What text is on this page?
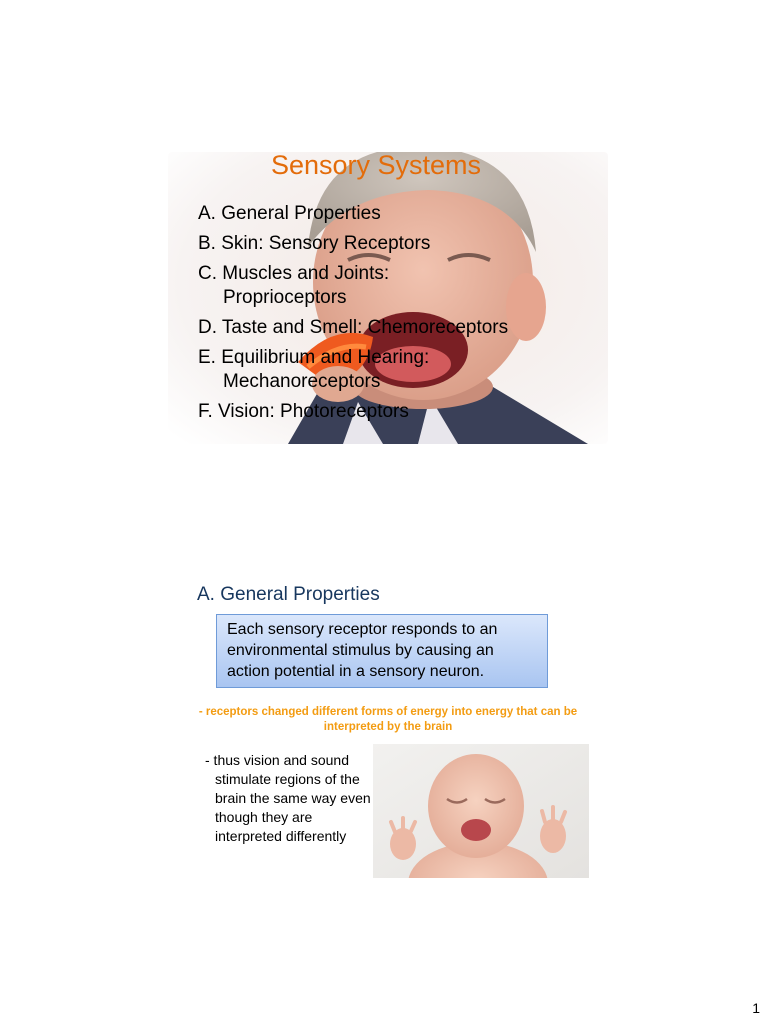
Sensory Systems
A. General Properties
B. Skin: Sensory Receptors
C. Muscles and Joints:
Proprioceptors
D. Taste and Smell: Chemoreceptors
E. Equilibrium and Hearing:
Mechanoreceptors
F. Vision: Photoreceptors
A. General Properties
Each sensory receptor responds to an environmental stimulus by causing an action potential in a sensory neuron.
- receptors changed different forms of energy into energy that can be interpreted by the brain
- thus vision and sound stimulate regions of the brain the same way even though they are interpreted differently
1
